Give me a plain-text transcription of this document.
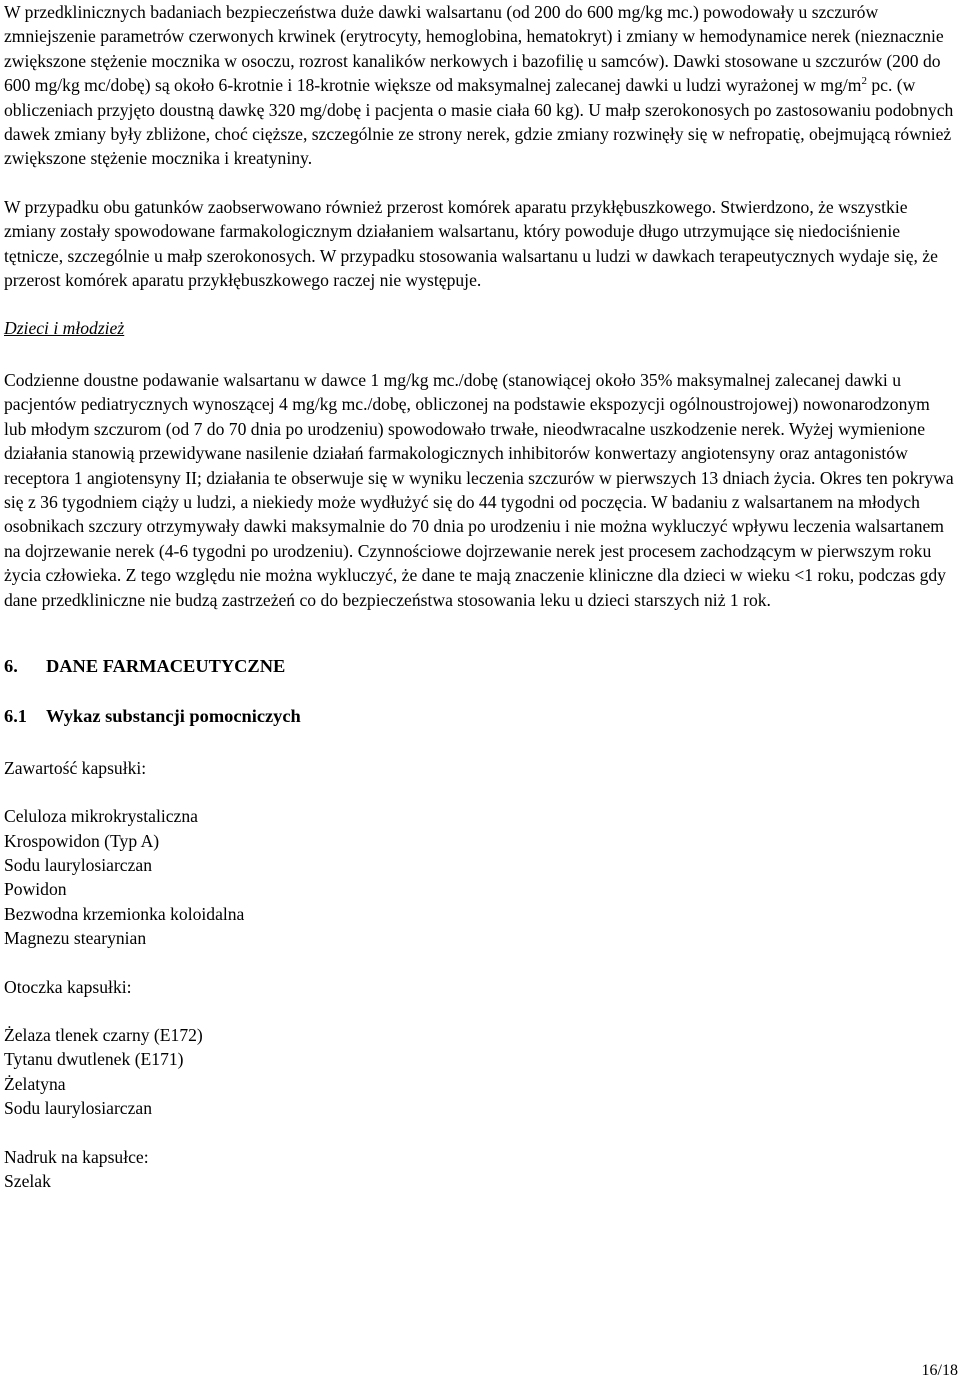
W przedklinicznych badaniach bezpieczeństwa duże dawki walsartanu (od 200 do 600 mg/kg mc.) powodowały u szczurów zmniejszenie parametrów czerwonych krwinek (erytrocyty, hemoglobina, hematokryt) i zmiany w hemodynamice nerek (nieznacznie zwiększone stężenie mocznika w osoczu, rozrost kanalików nerkowych i bazofilię u samców). Dawki stosowane u szczurów (200 do 600 mg/kg mc/dobę) są około 6-krotnie i 18-krotnie większe od maksymalnej zalecanej dawki u ludzi wyrażonej w $mg/m^2$ pc. (w obliczeniach przyjęto doustną dawkę 320 mg/dobę i pacjenta o masie ciała 60 kg). U małp szerokonosych po zastosowaniu podobnych dawek zmiany były zbliżone, choć cięższe, szczególnie ze strony nerek, gdzie zmiany rozwinęły się w nefropatię, obejmującą również zwiększone stężenie mocznika i kreatyniny.

W przypadku obu gatunków zaobserwowano również przerost komórek aparatu przykłębuszkowego. Stwierdzono, że wszystkie zmiany zostały spowodowane farmakologicznym działaniem walsartanu, który powoduje długo utrzymujące się niedociśnienie tętnicze, szczególnie u małp szerokonosych. W przypadku stosowania walsartanu u ludzi w dawkach terapeutycznych wydaje się, że przerost komórek aparatu przykłębuszkowego raczej nie występuje.

Dzieci i młodzież

Codzienne doustne podawanie walsartanu w dawce 1 mg/kg mc./dobę (stanowiącej około 35% maksymalnej zalecanej dawki u pacjentów pediatrycznych wynoszącej 4 mg/kg mc./dobę, obliczonej na podstawie ekspozycji ogólnoustrojowej) nowonarodzonym lub młodym szczurom (od 7 do 70 dnia po urodzeniu) spowodowało trwałe, nieodwracalne uszkodzenie nerek. Wyżej wymienione działania stanowią przewidywane nasilenie działań farmakologicznych inhibitorów konwertazy angiotensyny oraz antagonistów receptora 1 angiotensyny II; działania te obserwuje się w wyniku leczenia szczurów w pierwszych 13 dniach życia. Okres ten pokrywa się z 36 tygodniem ciąży u ludzi, a niekiedy może wydłużyć się do 44 tygodni od poczęcia. W badaniu z walsartanem na młodych osobnikach szczury otrzymywały dawki maksymalnie do 70 dnia po urodzeniu i nie można wykluczyć wpływu leczenia walsartanem na dojrzewanie nerek (4-6 tygodni po urodzeniu). Czynnościowe dojrzewanie nerek jest procesem zachodzącym w pierwszym roku życia człowieka. Z tego względu nie można wykluczyć, że dane te mają znaczenie kliniczne dla dzieci w wieku <1 roku, podczas gdy dane przedkliniczne nie budzą zastrzeżeń co do bezpieczeństwa stosowania leku u dzieci starszych niż 1 rok.

6. DANE FARMACEUTYCZNE

6.1 Wykaz substancji pomocniczych

Zawartość kapsułki:

Celuloza mikrokrystaliczna
Krospowidon (Typ A)
Sodu laurylosiarczan
Powidon
Bezwodna krzemionka koloidalna
Magnezu stearynian

Otoczka kapsułki:

Żelaza tlenek czarny (E172)
Tytanu dwutlenek (E171)
Żelatyna
Sodu laurylosiarczan

Nadruk na kapsułce:

Szelak
16/18
